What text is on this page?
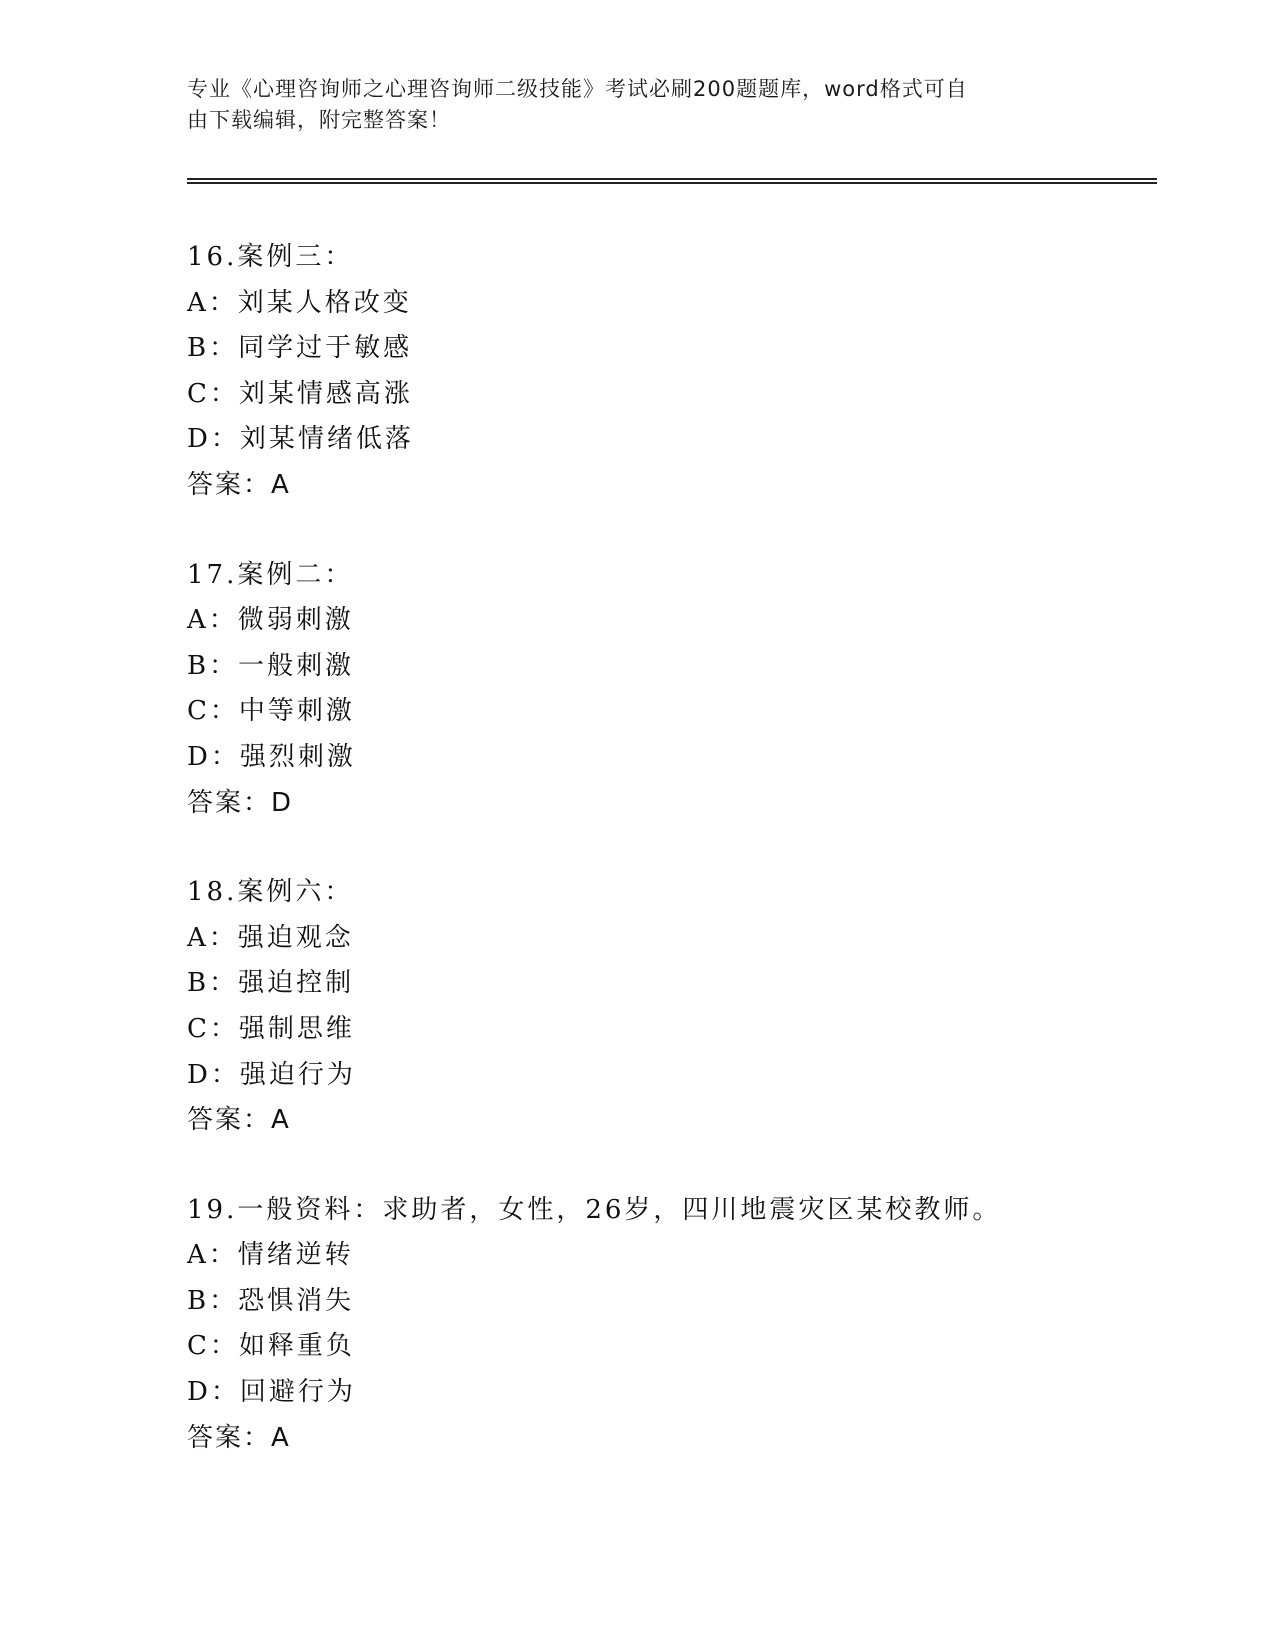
专业《心理咨询师之心理咨询师二级技能》考试必刷200题题库，word格式可自
由下载编辑，附完整答案！
16.案例三：
A：刘某人格改变
B：同学过于敏感
C：刘某情感高涨
D：刘某情绪低落
答案：A
17.案例二：
A：微弱刺激
B：一般刺激
C：中等刺激
D：强烈刺激
答案：D
18.案例六：
A：强迫观念
B：强迫控制
C：强制思维
D：强迫行为
答案：A
19.一般资料：求助者，女性，26岁，四川地震灾区某校教师。
A：情绪逆转
B：恐惧消失
C：如释重负
D：回避行为
答案：A
